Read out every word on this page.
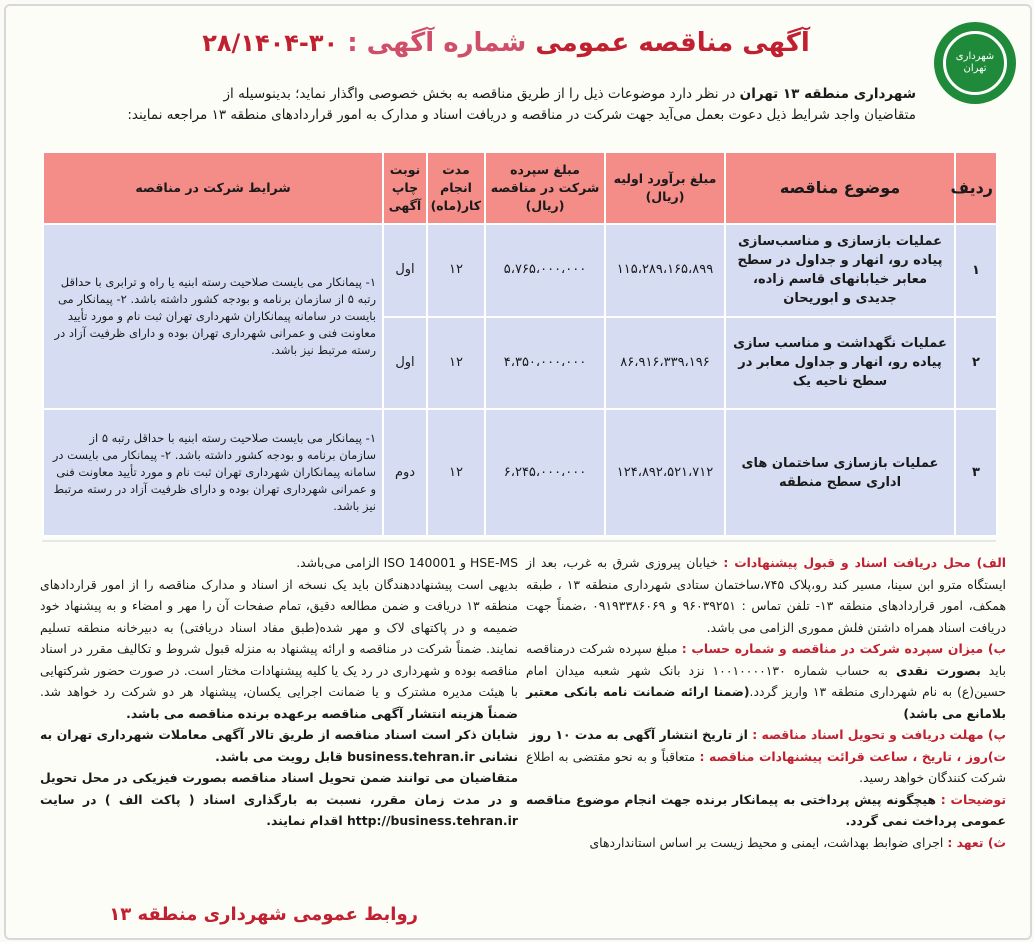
شهرداری تهران
آگهی مناقصه عمومی شماره آگهی : ۳۰-۲۸/۱۴۰۴
شهرداری منطقه ۱۳ تهران در نظر دارد موضوعات ذیل را از طریق مناقصه به بخش خصوصی واگذار نماید؛ بدینوسیله از
متقاضیان واجد شرایط ذیل دعوت بعمل می‌آید جهت شرکت در مناقصه و دریافت اسناد و مدارک به امور قراردادهای منطقه ۱۳ مراجعه نمایند:
ردیف	موضوع مناقصه	مبلغ برآورد اولیه (ریال)	مبلغ سپرده شرکت در مناقصه (ریال)	مدت انجام کار(ماه)	نوبت چاپ آگهی	شرایط شرکت در مناقصه
۱	عملیات بازسازی و مناسب‌سازی پیاده رو، انهار و جداول در سطح معابر خیابانهای قاسم زاده، جدیدی و ابوریحان	۱۱۵،۲۸۹،۱۶۵،۸۹۹	۵،۷۶۵،۰۰۰،۰۰۰	۱۲	اول	۱- پیمانکار می بایست صلاحیت رسته ابنیه یا راه و ترابری با حداقل رتبه ۵ از سازمان برنامه و بودجه کشور داشته باشد. ۲- پیمانکار می بایست در سامانه پیمانکاران شهرداری تهران ثبت نام و مورد تأیید معاونت فنی و عمرانی شهرداری تهران بوده و دارای ظرفیت آزاد در رسته مرتبط نیز باشد.
۲	عملیات نگهداشت و مناسب سازی پیاده رو، انهار و جداول معابر در سطح ناحیه یک	۸۶،۹۱۶،۳۳۹،۱۹۶	۴،۳۵۰،۰۰۰،۰۰۰	۱۲	اول	
۳	عملیات بازسازی ساختمان های اداری سطح منطقه	۱۲۴،۸۹۲،۵۲۱،۷۱۲	۶،۲۴۵،۰۰۰،۰۰۰	۱۲	دوم	۱- پیمانکار می بایست صلاحیت رسته ابنیه با حداقل رتبه ۵ از سازمان برنامه و بودجه کشور داشته باشد. ۲- پیمانکار می بایست در سامانه پیمانکاران شهرداری تهران ثبت نام و مورد تأیید معاونت فنی و عمرانی شهرداری تهران بوده و دارای ظرفیت آزاد در رسته مرتبط نیز باشد.
الف) محل دریافت اسناد و قبول پیشنهادات : خیابان پیروزی شرق به غرب، بعد از ایستگاه مترو ابن سینا، مسیر کند رو،پلاک ۷۴۵،ساختمان ستادی شهرداری منطقه ۱۳ ، طبقه همکف، امور قراردادهای منطقه ۱۳- تلفن تماس : ۹۶۰۳۹۲۵۱ و ۰۹۱۹۳۳۸۶۰۶۹ ،ضمناً جهت دریافت اسناد همراه داشتن فلش مموری الزامی می باشد.
ب) میزان سپرده شرکت در مناقصه و شماره حساب : مبلغ سپرده شرکت درمناقصه باید بصورت نقدی به حساب شماره ۱۰۰۱۰۰۰۰۱۳۰ نزد بانک شهر شعبه میدان امام حسین(ع) به نام شهرداری منطقه ۱۳ واریز گردد.(ضمنا ارائه ضمانت نامه بانکی معتبر بلامانع می باشد)
پ) مهلت دریافت و تحویل اسناد مناقصه : از تاریخ انتشار آگهی به مدت ۱۰ روز
ت)روز ، تاریخ ، ساعت قرائت پیشنهادات مناقصه : متعاقباً و به نحو مقتضی به اطلاع شرکت کنندگان خواهد رسید.
توضیحات : هیچگونه پیش پرداختی به پیمانکار برنده جهت انجام موضوع مناقصه عمومی پرداخت نمی گردد.
ث) تعهد : اجرای ضوابط بهداشت، ایمنی و محیط زیست بر اساس استانداردهای
HSE-MS و ISO 140001 الزامی می‌باشد.
بدیهی است پیشنهاددهندگان باید یک نسخه از اسناد و مدارک مناقصه را از امور قراردادهای منطقه ۱۳ دریافت و ضمن مطالعه دقیق، تمام صفحات آن را مهر و امضاء و به پیشنهاد خود ضمیمه و در پاکتهای لاک و مهر شده(طبق مفاد اسناد دریافتی) به دبیرخانه منطقه تسلیم نمایند. ضمناً شرکت در مناقصه و ارائه پیشنهاد به منزله قبول شروط و تکالیف مقرر در اسناد مناقصه بوده و شهرداری در رد یک یا کلیه پیشنهادات مختار است. در صورت حضور شرکتهایی با هیئت مدیره مشترک و یا ضمانت اجرایی یکسان، پیشنهاد هر دو شرکت رد خواهد شد. ضمناً هزینه انتشار آگهی مناقصه برعهده برنده مناقصه می باشد.
شایان ذکر است اسناد مناقصه از طریق تالار آگهی معاملات شهرداری تهران به نشانی business.tehran.ir قابل رویت می باشد.
متقاضیان می توانند ضمن تحویل اسناد مناقصه بصورت فیزیکی در محل تحویل و در مدت زمان مقرر، نسبت به بارگذاری اسناد ( پاکت الف ) در سایت http://business.tehran.ir اقدام نمایند.
روابط عمومی شهرداری منطقه ۱۳
